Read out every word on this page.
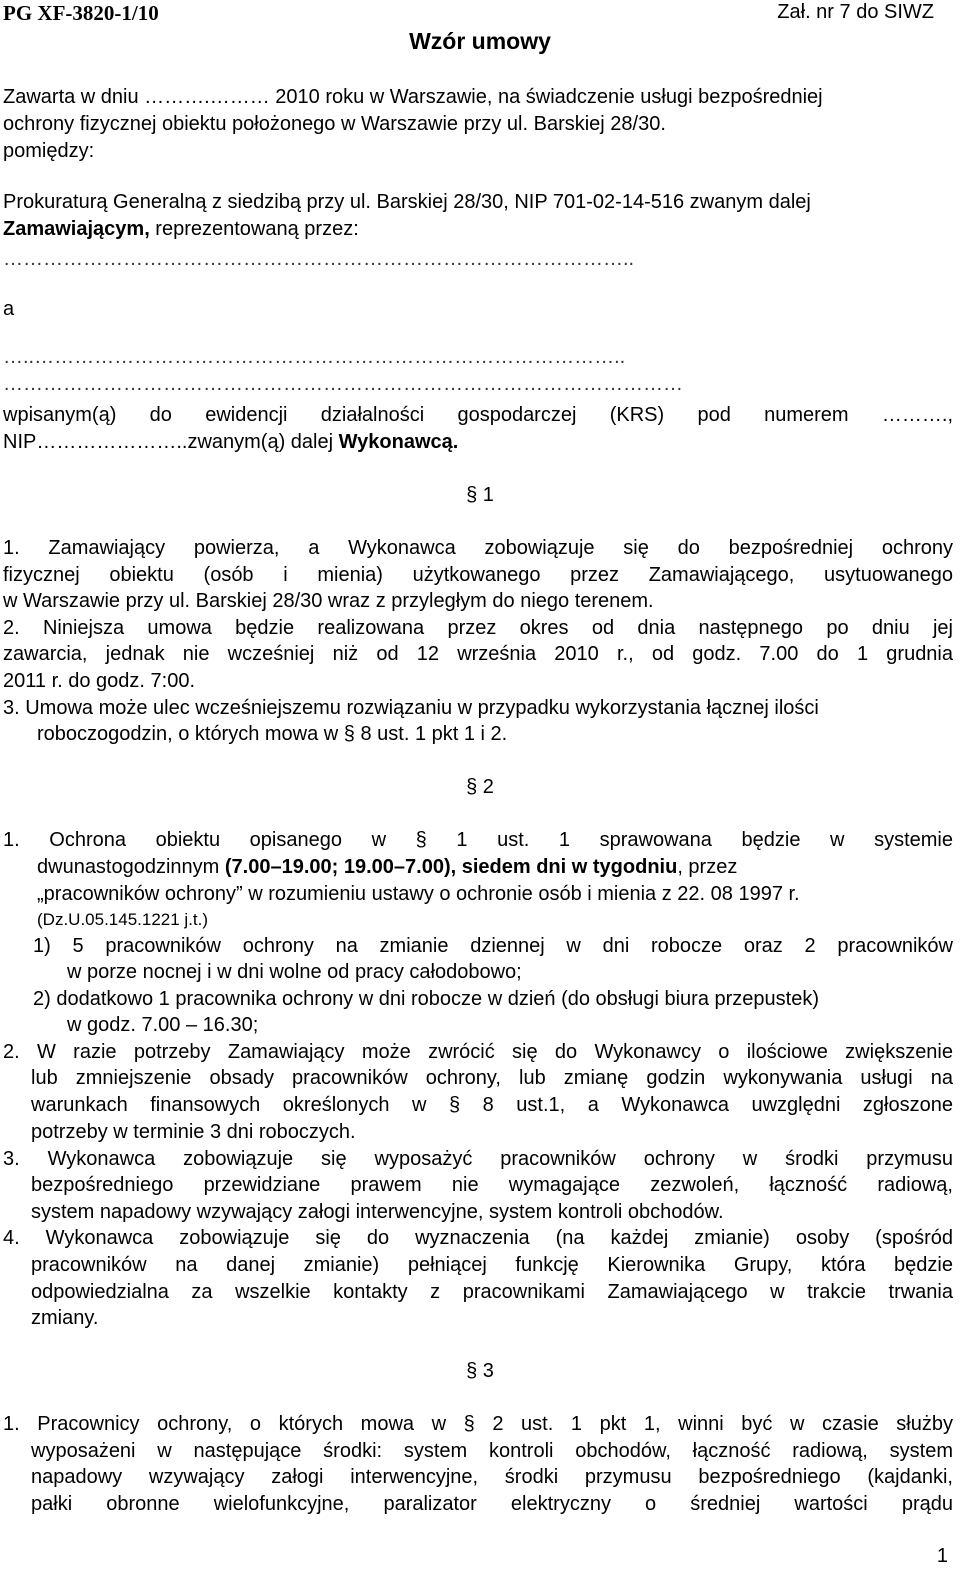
PG XF-3820-1/10	Zał. nr 7 do SIWZ
Wzór umowy
Zawarta w dniu ……….……… 2010 roku w Warszawie, na świadczenie usługi bezpośredniej
ochrony fizycznej obiektu położonego w Warszawie przy ul. Barskiej 28/30.
pomiędzy:
Prokuraturą Generalną z siedzibą przy ul. Barskiej 28/30, NIP 701-02-14-516 zwanym dalej
Zamawiającym, reprezentowaną przez:
…………………………………………………………………………………..
a
…..……………………………………………………………………………..
…………………………………………………………………………………………
wpisanym(ą) do ewidencji działalności gospodarczej (KRS) pod numerem ……….,
NIP…………………..zwanym(ą) dalej Wykonawcą.
§ 1
1. Zamawiający powierza, a Wykonawca zobowiązuje się do bezpośredniej ochrony
fizycznej obiektu (osób i mienia) użytkowanego przez Zamawiającego, usytuowanego
w Warszawie przy ul. Barskiej 28/30 wraz z przyległym do niego terenem.
2. Niniejsza umowa będzie realizowana przez okres od dnia następnego po dniu jej
zawarcia, jednak nie wcześniej niż od 12 września 2010 r., od godz. 7.00 do 1 grudnia
2011 r. do godz. 7:00.
3. Umowa może ulec wcześniejszemu rozwiązaniu w przypadku wykorzystania łącznej ilości
roboczogodzin, o których mowa w § 8 ust. 1 pkt 1 i 2.
§ 2
1. Ochrona obiektu opisanego w § 1 ust. 1 sprawowana będzie w systemie
dwunastogodzinnym (7.00–19.00; 19.00–7.00), siedem dni w tygodniu, przez
„pracowników ochrony” w rozumieniu ustawy o ochronie osób i mienia z 22. 08 1997 r.
(Dz.U.05.145.1221 j.t.)
1) 5 pracowników ochrony na zmianie dziennej w dni robocze oraz 2 pracowników
w porze nocnej i w dni wolne od pracy całodobowo;
2) dodatkowo 1 pracownika ochrony w dni robocze w dzień (do obsługi biura przepustek)
w godz. 7.00 – 16.30;
2. W razie potrzeby Zamawiający może zwrócić się do Wykonawcy o ilościowe zwiększenie
lub zmniejszenie obsady pracowników ochrony, lub zmianę godzin wykonywania usługi na
warunkach finansowych określonych w § 8 ust.1, a Wykonawca uwzględni zgłoszone
potrzeby w terminie 3 dni roboczych.
3. Wykonawca zobowiązuje się wyposażyć pracowników ochrony w środki przymusu
bezpośredniego przewidziane prawem nie wymagające zezwoleń, łączność radiową,
system napadowy wzywający załogi interwencyjne, system kontroli obchodów.
4. Wykonawca zobowiązuje się do wyznaczenia (na każdej zmianie) osoby (spośród
pracowników na danej zmianie) pełniącej funkcję Kierownika Grupy, która będzie
odpowiedzialna za wszelkie kontakty z pracownikami Zamawiającego w trakcie trwania
zmiany.
§ 3
1. Pracownicy ochrony, o których mowa w § 2 ust. 1 pkt 1, winni być w czasie służby
wyposażeni w następujące środki: system kontroli obchodów, łączność radiową, system
napadowy wzywający załogi interwencyjne, środki przymusu bezpośredniego (kajdanki,
pałki obronne wielofunkcyjne, paralizator elektryczny o średniej wartości prądu
1
